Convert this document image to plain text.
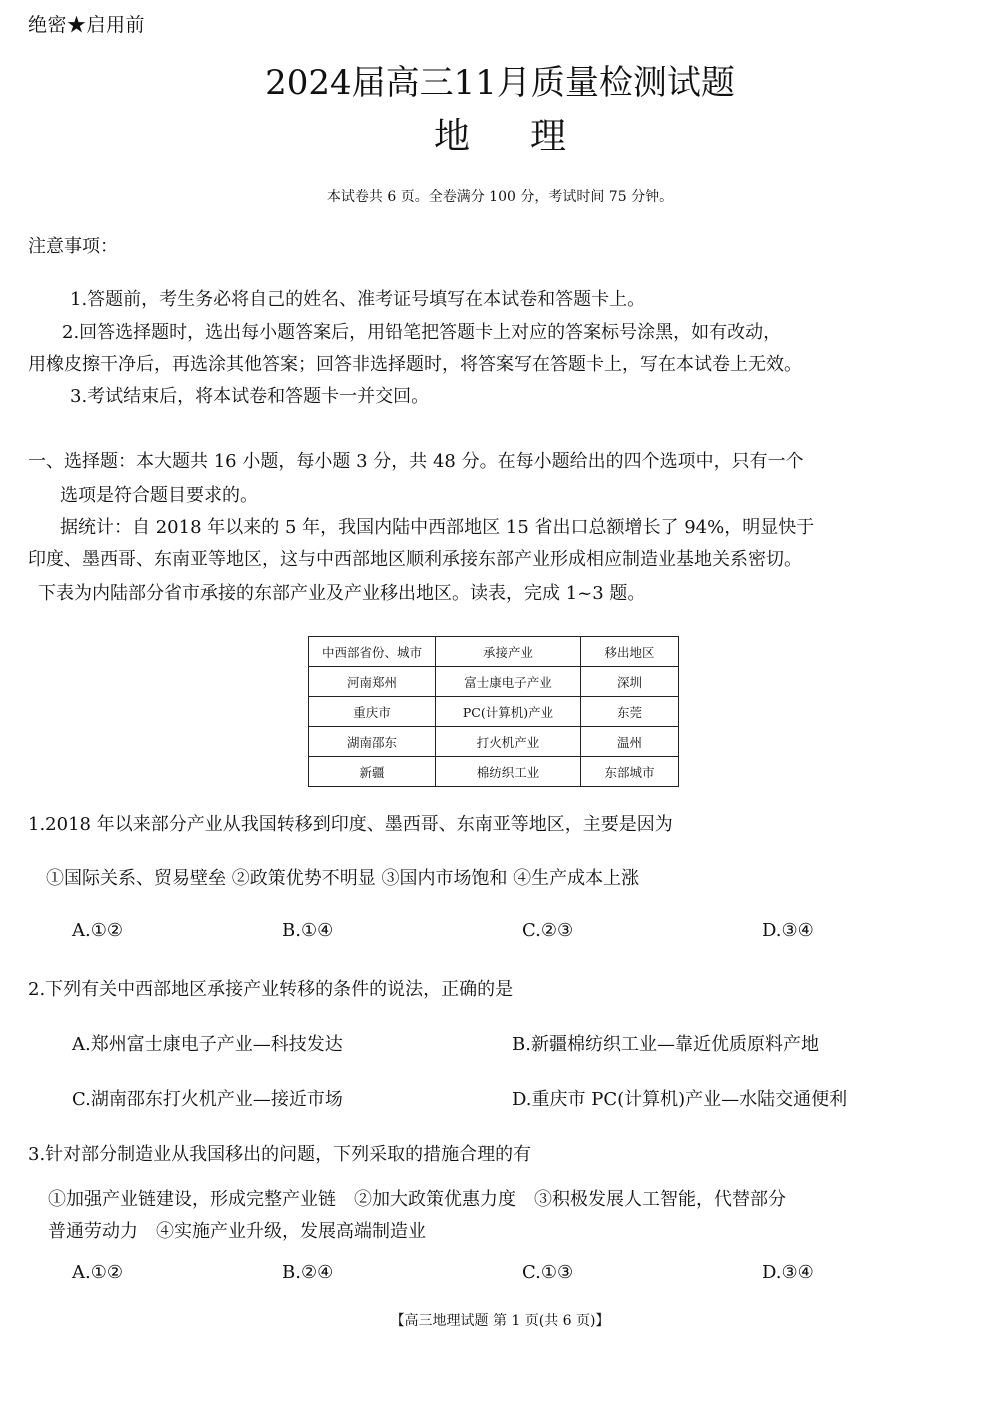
绝密★启用前
2024届高三11月质量检测试题
地 理
本试卷共 6 页。全卷满分 100 分，考试时间 75 分钟。
注意事项：
1.答题前，考生务必将自己的姓名、准考证号填写在本试卷和答题卡上。
2.回答选择题时，选出每小题答案后，用铅笔把答题卡上对应的答案标号涂黑，如有改动，
用橡皮擦干净后，再选涂其他答案；回答非选择题时，将答案写在答题卡上，写在本试卷上无效。
3.考试结束后，将本试卷和答题卡一并交回。
一、选择题：本大题共 16 小题，每小题 3 分，共 48 分。在每小题给出的四个选项中，只有一个
选项是符合题目要求的。
据统计：自 2018 年以来的 5 年，我国内陆中西部地区 15 省出口总额增长了 94%，明显快于
印度、墨西哥、东南亚等地区，这与中西部地区顺利承接东部产业形成相应制造业基地关系密切。
下表为内陆部分省市承接的东部产业及产业移出地区。读表，完成 1~3 题。
中西部省份、城市	承接产业	移出地区
河南郑州	富士康电子产业	深圳
重庆市	PC(计算机)产业	东莞
湖南邵东	打火机产业	温州
新疆	棉纺织工业	东部城市
1.2018 年以来部分产业从我国转移到印度、墨西哥、东南亚等地区，主要是因为
①国际关系、贸易壁垒 ②政策优势不明显 ③国内市场饱和 ④生产成本上涨
A.①②	B.①④	C.②③	D.③④
2.下列有关中西部地区承接产业转移的条件的说法，正确的是
A.郑州富士康电子产业—科技发达	B.新疆棉纺织工业—靠近优质原料产地
C.湖南邵东打火机产业—接近市场	D.重庆市 PC(计算机)产业—水陆交通便利
3.针对部分制造业从我国移出的问题，下列采取的措施合理的有
①加强产业链建设，形成完整产业链　②加大政策优惠力度　③积极发展人工智能，代替部分
普通劳动力　④实施产业升级，发展高端制造业
A.①②	B.②④	C.①③	D.③④
【高三地理试题 第 1 页(共 6 页)】
